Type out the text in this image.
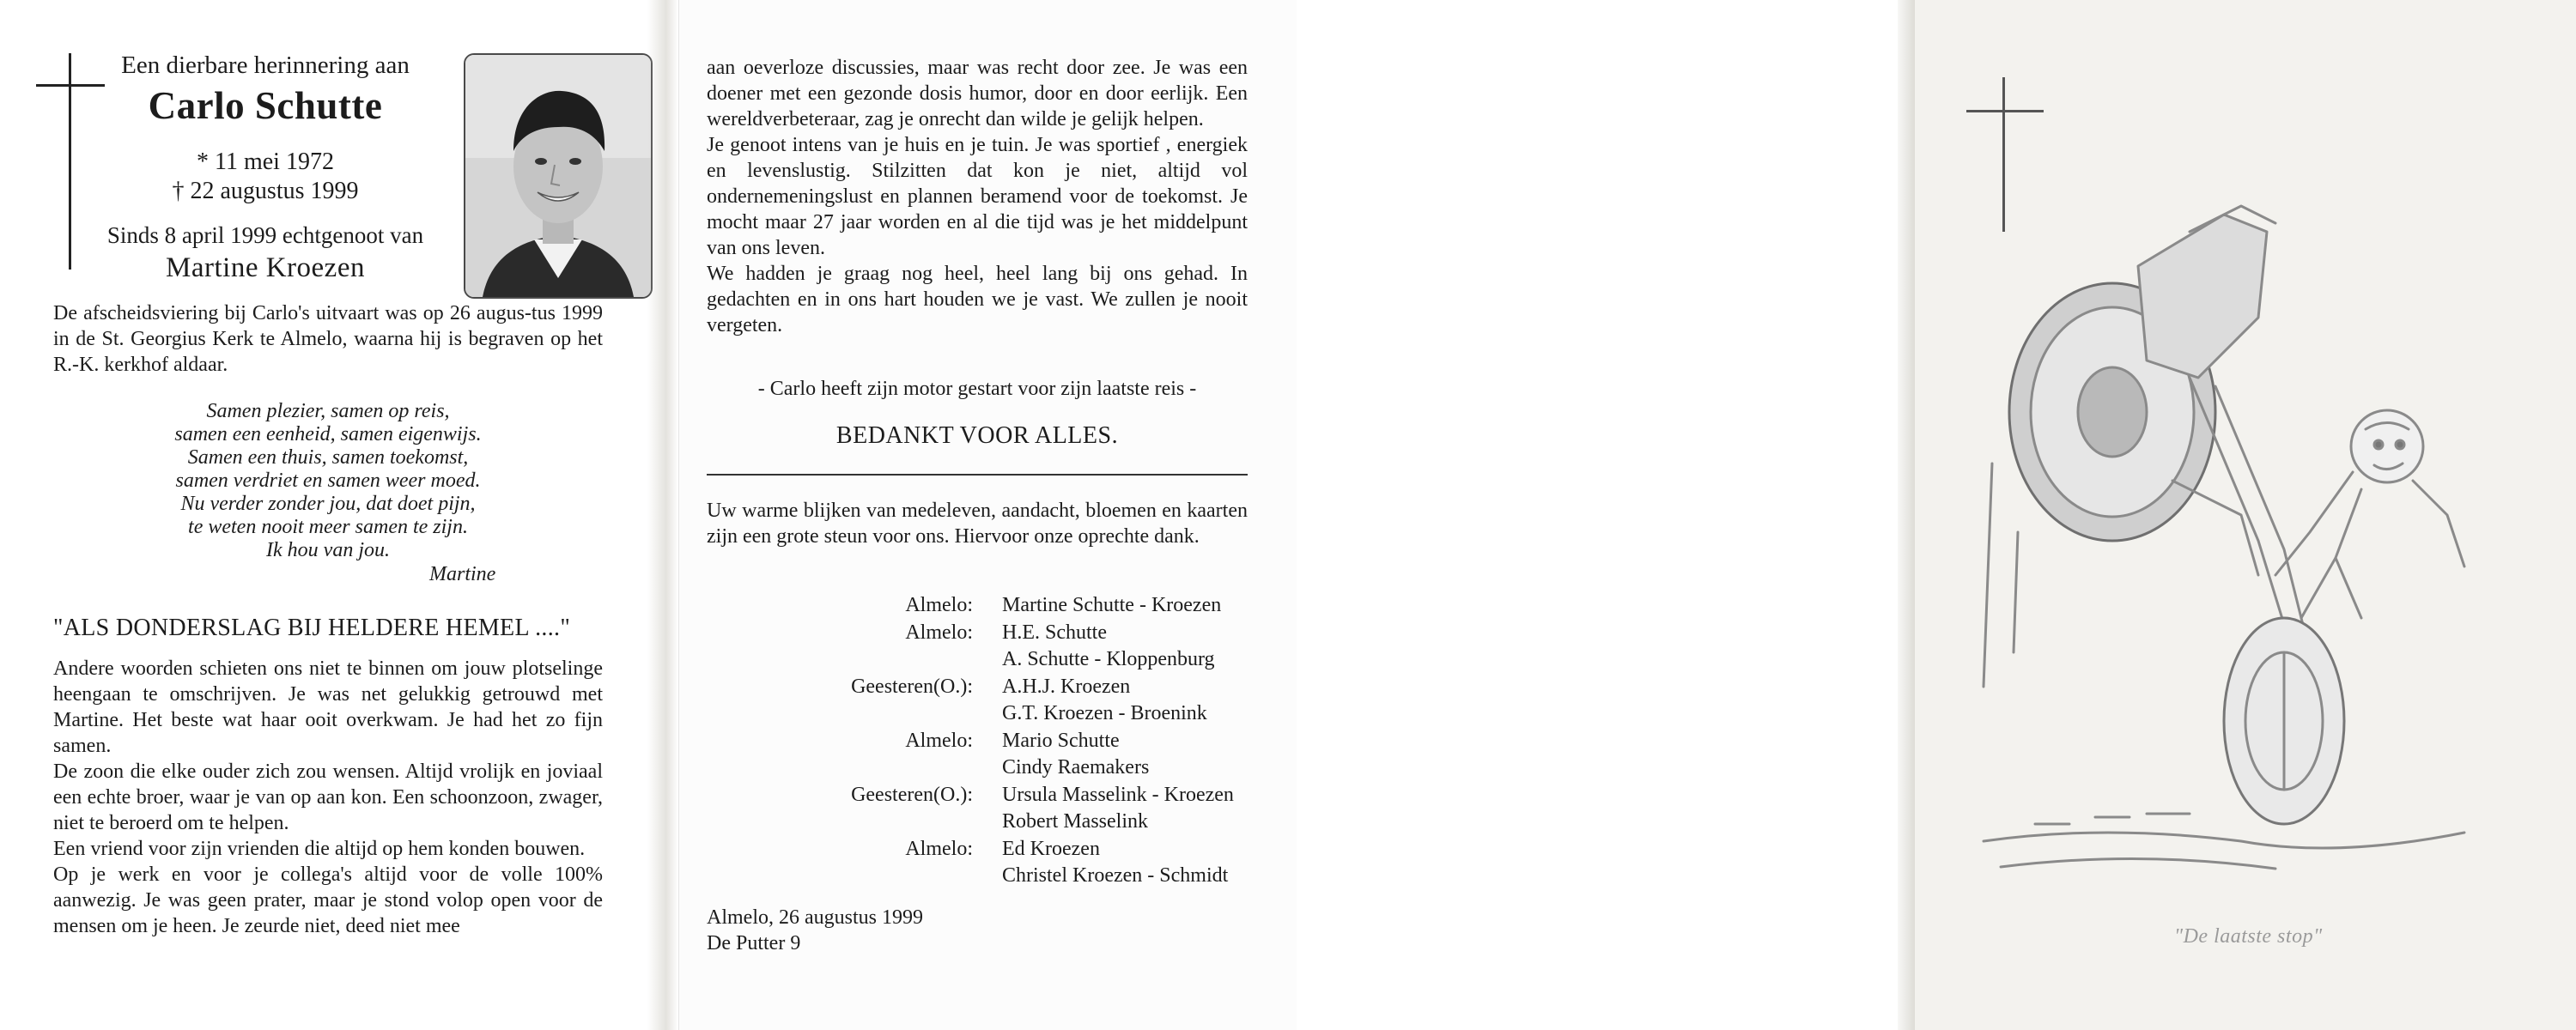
Een dierbare herinnering aan

Carlo Schutte

* 11 mei 1972

† 22 augustus 1999

Sinds 8 april 1999 echtgenoot van

Martine Kroezen

De afscheidsviering bij Carlo's uitvaart was op 26 augus-tus 1999 in de St. Georgius Kerk te Almelo, waarna hij is begraven op het R.-K. kerkhof aldaar.

Samen plezier, samen op reis,
samen een eenheid, samen eigenwijs.
Samen een thuis, samen toekomst,
samen verdriet en samen weer moed.
Nu verder zonder jou, dat doet pijn,
te weten nooit meer samen te zijn.
Ik hou van jou.
Martine
"ALS DONDERSLAG BIJ HELDERE HEMEL ...."

Andere woorden schieten ons niet te binnen om jouw plotselinge heengaan te omschrijven. Je was net gelukkig getrouwd met Martine. Het beste wat haar ooit overkwam. Je had het zo fijn samen.

De zoon die elke ouder zich zou wensen. Altijd vrolijk en joviaal een echte broer, waar je van op aan kon. Een schoonzoon, zwager, niet te beroerd om te helpen.

Een vriend voor zijn vrienden die altijd op hem konden bouwen.

Op je werk en voor je collega's altijd voor de volle 100% aanwezig. Je was geen prater, maar je stond volop open voor de mensen om je heen. Je zeurde niet, deed niet mee

aan oeverloze discussies, maar was recht door zee. Je was een doener met een gezonde dosis humor, door en door eerlijk. Een wereldverbeteraar, zag je onrecht dan wilde je gelijk helpen.

Je genoot intens van je huis en je tuin. Je was sportief , energiek en levenslustig. Stilzitten dat kon je niet, altijd vol ondernemeningslust en plannen beramend voor de toekomst. Je mocht maar 27 jaar worden en al die tijd was je het middelpunt van ons leven.

We hadden je graag nog heel, heel lang bij ons gehad. In gedachten en in ons hart houden we je vast. We zullen je nooit vergeten.

- Carlo heeft zijn motor gestart voor zijn laatste reis -
BEDANKT VOOR ALLES.

Uw warme blijken van medeleven, aandacht, bloemen en kaarten zijn een grote steun voor ons. Hiervoor onze oprechte dank.

Almelo:	Martine Schutte - Kroezen
Almelo:	H.E. Schutte
	A. Schutte - Kloppenburg
Geesteren(O.):	A.H.J. Kroezen
	G.T. Kroezen - Broenink
Almelo:	Mario Schutte
	Cindy Raemakers
Geesteren(O.):	Ursula Masselink - Kroezen
	Robert Masselink
Almelo:	Ed Kroezen
	Christel Kroezen - Schmidt
Almelo, 26 augustus 1999
De Putter 9	"De laatste stop"
